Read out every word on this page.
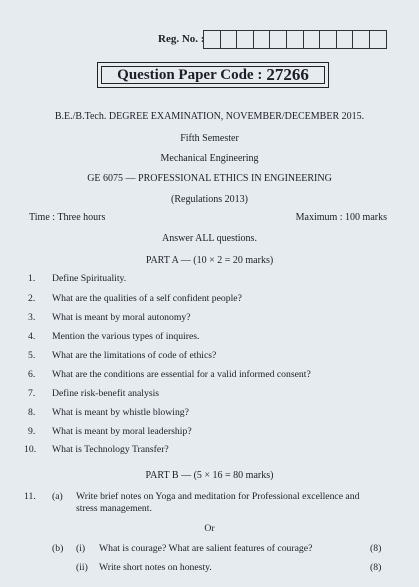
Reg. No. :
Question Paper Code : 27266
B.E./B.Tech. DEGREE EXAMINATION, NOVEMBER/DECEMBER 2015.
Fifth Semester
Mechanical Engineering
GE 6075 — PROFESSIONAL ETHICS IN ENGINEERING
(Regulations 2013)
Time : Three hours	Maximum : 100 marks
Answer ALL questions.
PART A — (10 × 2 = 20 marks)
1. Define Spirituality.
2. What are the qualities of a self confident people?
3. What is meant by moral autonomy?
4. Mention the various types of inquires.
5. What are the limitations of code of ethics?
6. What are the conditions are essential for a valid informed consent?
7. Define risk-benefit analysis
8. What is meant by whistle blowing?
9. What is meant by moral leadership?
10. What is Technology Transfer?
PART B — (5 × 16 = 80 marks)
11. (a) Write brief notes on Yoga and meditation for Professional excellence and
stress management.
Or
(b) (i) What is courage? What are salient features of courage?	(8)
(ii) Write short notes on honesty.	(8)
